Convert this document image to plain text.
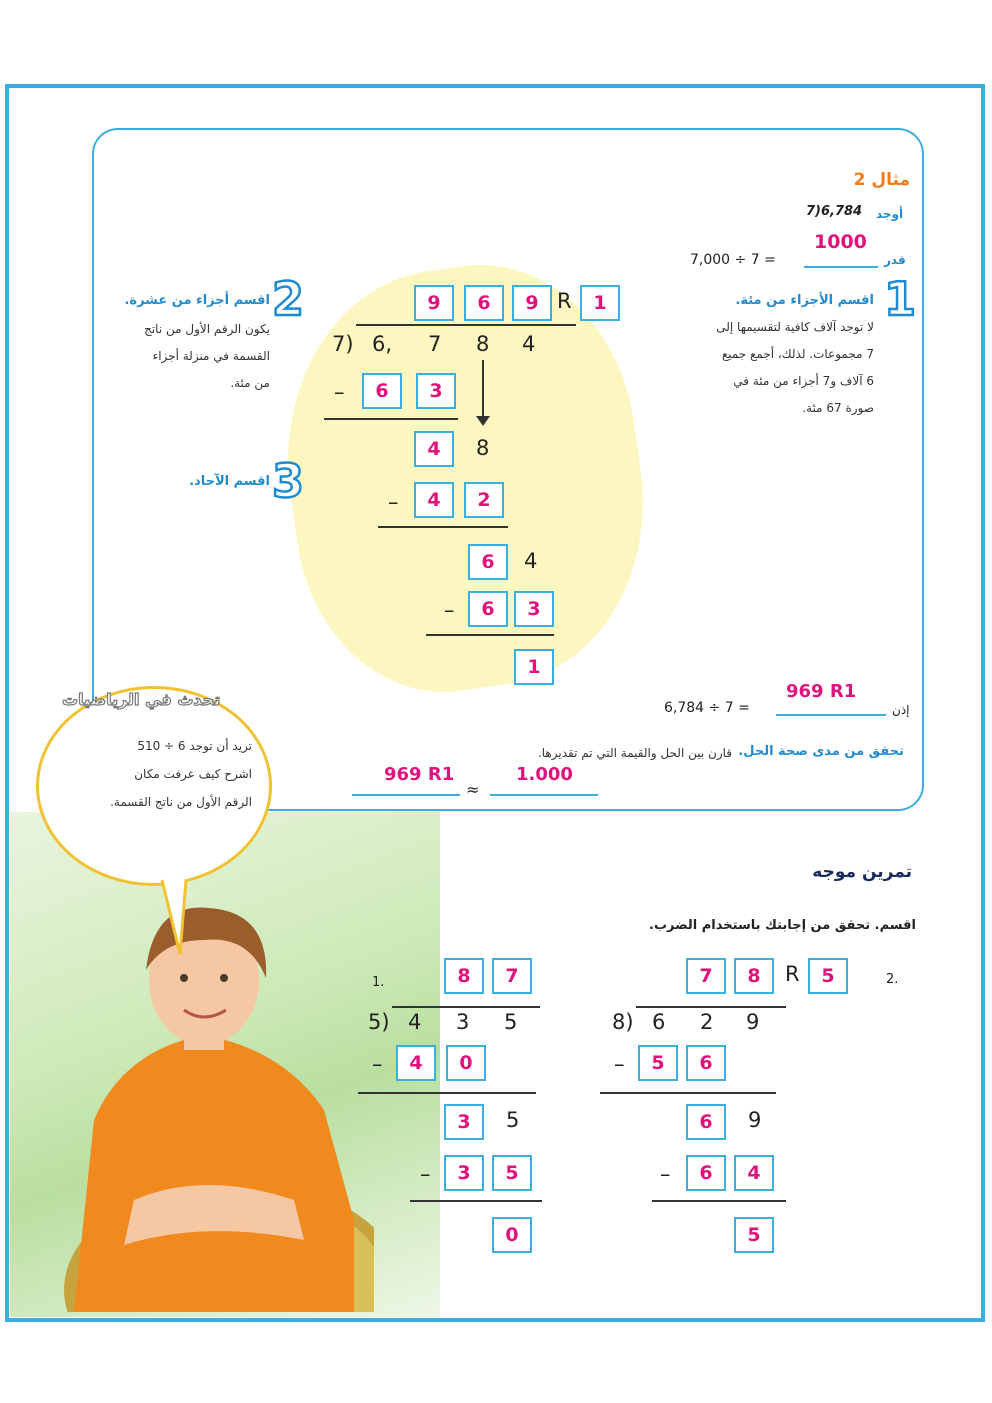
مثال 2
أوجد
7)6,784
قدر
7,000 ÷ 7 =
1000
1
اقسم الأجزاء من مئة.
لا توجد آلاف كافية لتقسيمها إلى
7 مجموعات. لذلك، أجمع جميع
6 آلاف و7 أجزاء من مئة في
صورة 67 مئة.
2
اقسم أجزاء من عشرة.
يكون الرقم الأول من ناتج
القسمة في منزلة أجزاء
من مئة.
3
اقسم الآحاد.
9	6	9 R	1
7) 6, 7 8 4
–	6	3
4	8
–	4	2
6	4
–	6	3
1
إذن
6,784 ÷ 7 =
969 R1
تحقق من مدى صحة الحل.
قارن بين الحل والقيمة التي تم تقديرها.
969 R1
≈
1.000
تحدث في الرياضيات
تريد أن توجد 6 ÷ 510
اشرح كيف عرفت مكان
الرقم الأول من ناتج القسمة.
تمرين موجه
اقسم. تحقق من إجابتك باستخدام الضرب.
1.	8	7
5) 4 3 5
–	4	0
3	5
–	3	5
0
2.
7	8	R	5
8) 6 2 9
–	5	6
6	9
–	6	4
5
